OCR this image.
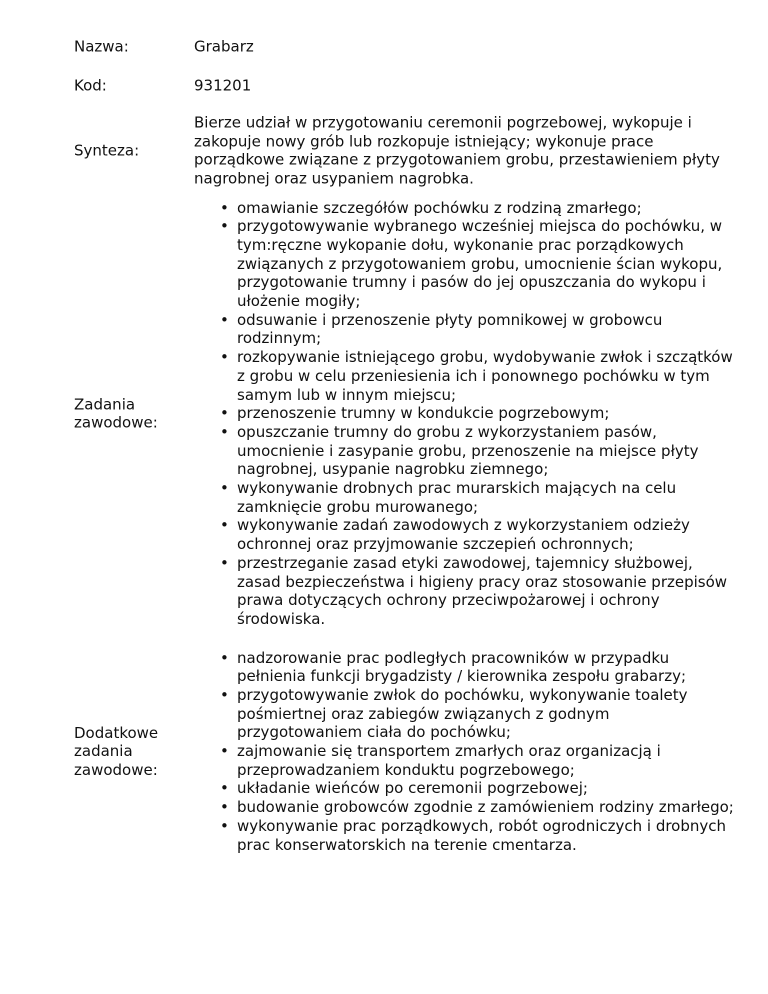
Nazwa:	Grabarz
Kod:	931201
Synteza:
Bierze udział w przygotowaniu ceremonii pogrzebowej, wykopuje i zakopuje nowy grób lub rozkopuje istniejący; wykonuje prace porządkowe związane z przygotowaniem grobu, przestawieniem płyty nagrobnej oraz usypaniem nagrobka.
Zadania zawodowe:
• omawianie szczegółów pochówku z rodziną zmarłego;
• przygotowywanie wybranego wcześniej miejsca do pochówku, w tym:ręczne wykopanie dołu, wykonanie prac porządkowych związanych z przygotowaniem grobu, umocnienie ścian wykopu, przygotowanie trumny i pasów do jej opuszczania do wykopu i ułożenie mogiły;
• odsuwanie i przenoszenie płyty pomnikowej w grobowcu rodzinnym;
• rozkopywanie istniejącego grobu, wydobywanie zwłok i szczątków z grobu w celu przeniesienia ich i ponownego pochówku w tym samym lub w innym miejscu;
• przenoszenie trumny w kondukcie pogrzebowym;
• opuszczanie trumny do grobu z wykorzystaniem pasów, umocnienie i zasypanie grobu, przenoszenie na miejsce płyty nagrobnej, usypanie nagrobku ziemnego;
• wykonywanie drobnych prac murarskich mających na celu zamknięcie grobu murowanego;
• wykonywanie zadań zawodowych z wykorzystaniem odzieży ochronnej oraz przyjmowanie szczepień ochronnych;
• przestrzeganie zasad etyki zawodowej, tajemnicy służbowej, zasad bezpieczeństwa i higieny pracy oraz stosowanie przepisów prawa dotyczących ochrony przeciwpożarowej i ochrony środowiska.
Dodatkowe zadania zawodowe:
• nadzorowanie prac podległych pracowników w przypadku pełnienia funkcji brygadzisty / kierownika zespołu grabarzy;
• przygotowywanie zwłok do pochówku, wykonywanie toalety pośmiertnej oraz zabiegów związanych z godnym przygotowaniem ciała do pochówku;
• zajmowanie się transportem zmarłych oraz organizacją i przeprowadzaniem konduktu pogrzebowego;
• układanie wieńców po ceremonii pogrzebowej;
• budowanie grobowców zgodnie z zamówieniem rodziny zmarłego;
• wykonywanie prac porządkowych, robót ogrodniczych i drobnych prac konserwatorskich na terenie cmentarza.
